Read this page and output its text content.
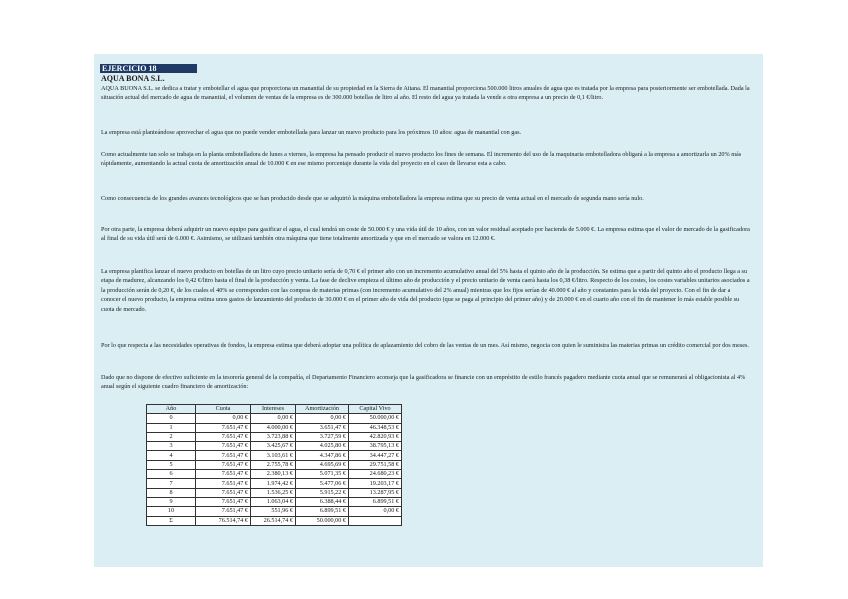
EJERCICIO 18
AQUA BONA S.L.

AQUA BUONA S.L. se dedica a tratar y embotellar el agua que proporciona un manantial de su propiedad en la Sierra de Aitana. El manantial proporciona 500.000 litros anuales de agua que es tratada por la empresa para posteriormente ser embotellada. Dada la situación actual del mercado de agua de manantial, el volumen de ventas de la empresa es de 300.000 botellas de litro al año. El resto del agua ya tratada la vende a otra empresa a un precio de 0,1 €/litro.

La empresa está planteándose aprovechar el agua que no puede vender embotellada para lanzar un nuevo producto para los próximos 10 años: agua de manantial con gas.

Como actualmente tan solo se trabaja en la planta embotelladora de lunes a viernes, la empresa ha pensado producir el nuevo producto los fines de semana. El incremento del uso de la maquinaria embotelladora obligará a la empresa a amortizarla un 20% más rápidamente, aumentando la actual cuota de amortización anual de 10.000 € en ese mismo porcentaje durante la vida del proyecto en el caso de llevarse esta a cabo.

Como consecuencia de los grandes avances tecnológicos que se han producido desde que se adquirió la máquina embotelladora la empresa estima que su precio de venta actual en el mercado de segunda mano sería nulo.

Por otra parte, la empresa deberá adquirir un nuevo equipo para gasificar el agua, el cual tendrá un coste de 50.000 € y una vida útil de 10 años, con un valor residual aceptado por hacienda de 5.000 €. La empresa estima que el valor de mercado de la gasificadora al final de su vida útil será de 6.000 €. Asimismo, se utilizará también otra máquina que tiene totalmente amortizada y que en el mercado se valora en 12.000 €.

La empresa planifica lanzar el nuevo producto en botellas de un litro cuyo precio unitario sería de 0,70 € el primer año con un incremento acumulativo anual del 5% hasta el quinto año de la producción. Se estima que a partir del quinto año el producto llega a su etapa de madurez, alcanzando los 0,42 €/litro hasta el final de la producción y venta. La fase de declive empieza el último año de producción y el precio unitario de venta caerá hasta los 0,38 €/litro. Respecto de los costes, los costes variables unitarios asociados a la producción serán de 0,20 €, de los cuales el 40% se corresponden con las compras de materias primas (con incremento acumulativo del 2% anual) mientras que los fijos serían de 40.000 € al año y constantes para la vida del proyecto. Con el fin de dar a conocer el nuevo producto, la empresa estima unos gastos de lanzamiento del producto de 30.000 € en el primer año de vida del producto (que se paga al principio del primer año) y de 20.000 € en el cuarto año con el fin de mantener lo más estable posible su cuota de mercado.

Por lo que respecta a las necesidades operativas de fondos, la empresa estima que deberá adoptar una política de aplazamiento del cobro de las ventas de un mes. Así mismo, negocia con quien le suministra las materias primas un crédito comercial por dos meses.

Dado que no dispone de efectivo suficiente en la tesorería general de la compañía, el Departamento Financiero aconseja que la gasificadora se financie con un empréstito de estilo francés pagadero mediante cuota anual que se remunerará al obligacionista al 4% anual según el siguiente cuadro financiero de amortización:

Año	Cuota	Intereses	Amortización	Capital Vivo
0	0,00 €	0,00 €	0,00 €	50.000,00 €
1	7.651,47 €	4.000,00 €	3.651,47 €	46.348,53 €
2	7.651,47 €	3.723,88 €	3.727,59 €	42.820,93 €
3	7.651,47 €	3.425,67 €	4.025,80 €	38.795,13 €
4	7.651,47 €	3.103,61 €	4.347,86 €	34.447,27 €
5	7.651,47 €	2.755,78 €	4.695,69 €	29.751,58 €
6	7.651,47 €	2.380,13 €	5.071,35 €	24.680,23 €
7	7.651,47 €	1.974,42 €	5.477,06 €	19.203,17 €
8	7.651,47 €	1.536,25 €	5.915,22 €	13.287,95 €
9	7.651,47 €	1.063,04 €	6.388,44 €	6.899,51 €
10	7.651,47 €	551,96 €	6.899,51 €	0,00 €
Σ	76.514,74 €	26.514,74 €	50.000,00 €	
